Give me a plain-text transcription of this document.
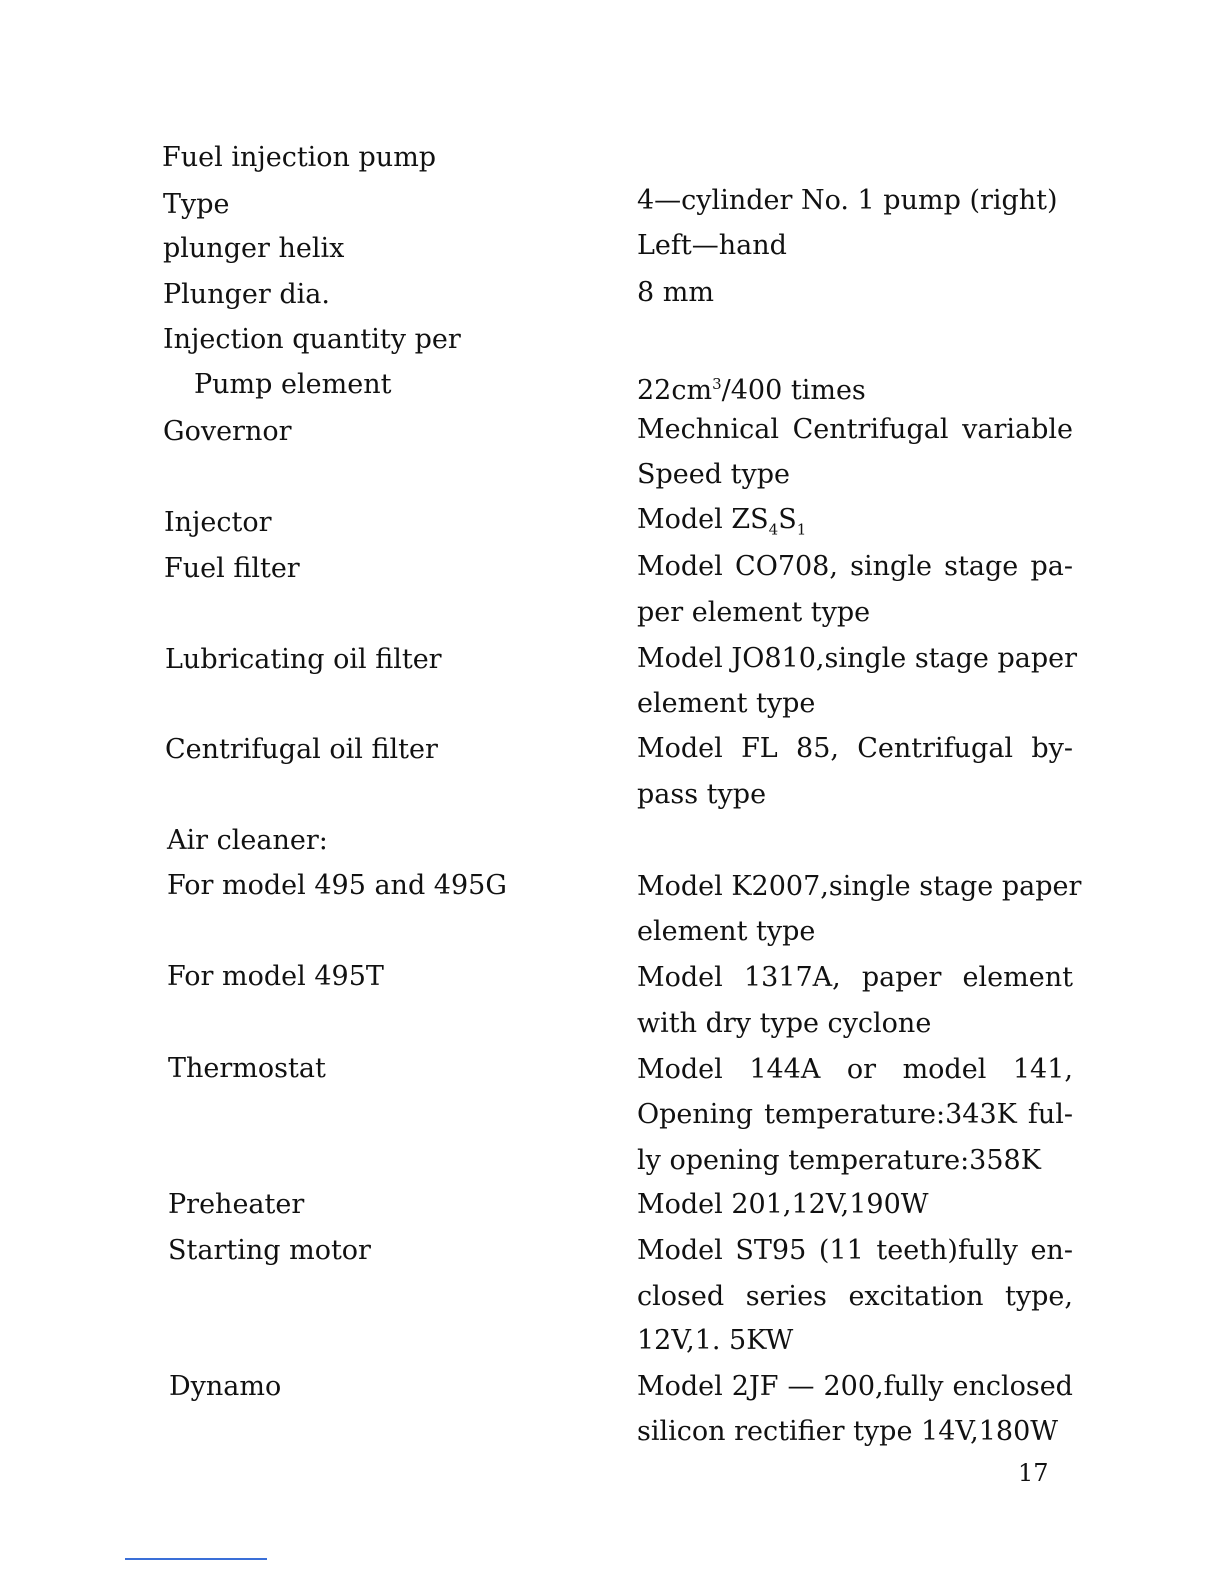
Fuel injection pump
Type
plunger helix
Plunger dia.
Injection quantity per
Pump element
Governor
Injector
Fuel filter
Lubricating oil filter
Centrifugal oil filter
Air cleaner:
For model 495 and 495G
For model 495T
Thermostat
Preheater
Starting motor
Dynamo
4—cylinder No. 1 pump (right)
Left—hand
8 mm
$22cm^3/400$ times
Mechnical Centrifugal variable
Speed type
Model $ZS_4S_1$
Model CO708, single stage pa-
per element type
Model JO810,single stage paper
element type
Model FL 85, Centrifugal by-
pass type
Model K2007,single stage paper
element type
Model 1317A, paper element
with dry type cyclone
Model 144A or model 141,
Opening temperature:343K ful-
ly opening temperature:358K
Model 201,12V,190W
Model ST95 (11 teeth)fully en-
closed series excitation type,
12V,1. 5KW
Model 2JF — 200,fully enclosed
silicon rectifier type 14V,180W
17
